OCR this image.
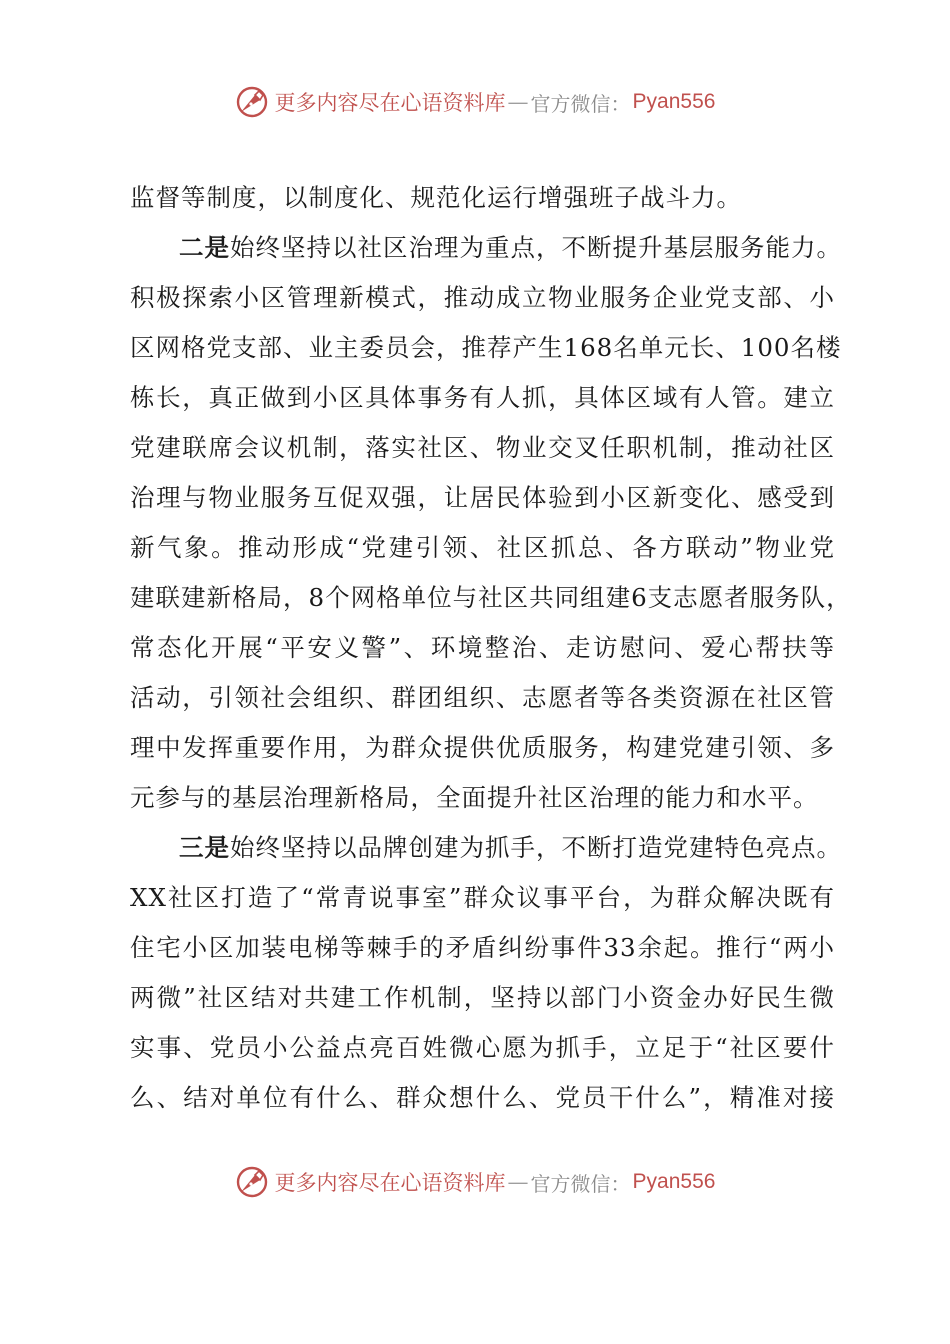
更多内容尽在心语资料库 — 官方微信： Pyan556
监督等制度，以制度化、规范化运行增强班子战斗力。
二是始终坚持以社区治理为重点，不断提升基层服务能力。
积极探索小区管理新模式，推动成立物业服务企业党支部、小
区网格党支部、业主委员会，推荐产生168名单元长、100名楼
栋长，真正做到小区具体事务有人抓，具体区域有人管。建立
党建联席会议机制，落实社区、物业交叉任职机制，推动社区
治理与物业服务互促双强，让居民体验到小区新变化、感受到
新气象。推动形成“党建引领、社区抓总、各方联动”物业党
建联建新格局，8个网格单位与社区共同组建6支志愿者服务队，
常态化开展“平安义警”、环境整治、走访慰问、爱心帮扶等
活动，引领社会组织、群团组织、志愿者等各类资源在社区管
理中发挥重要作用，为群众提供优质服务，构建党建引领、多
元参与的基层治理新格局，全面提升社区治理的能力和水平。
三是始终坚持以品牌创建为抓手，不断打造党建特色亮点。
XX社区打造了“常青说事室”群众议事平台，为群众解决既有
住宅小区加装电梯等棘手的矛盾纠纷事件33余起。推行“两小
两微”社区结对共建工作机制，坚持以部门小资金办好民生微
实事、党员小公益点亮百姓微心愿为抓手，立足于“社区要什
么、结对单位有什么、群众想什么、党员干什么”，精准对接
更多内容尽在心语资料库 — 官方微信： Pyan556
